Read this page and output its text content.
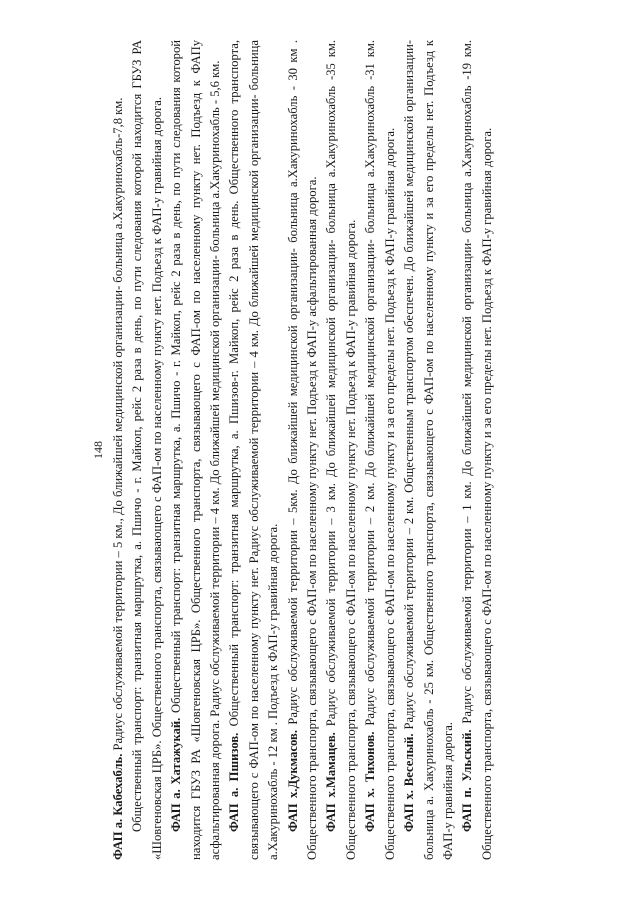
148

ФАП а. Кабехабль. Радиус обслуживаемой территории – 5 км., До ближайшей медицинской организации- больница а.Хакуринохабль-7,8 км. Общественный транспорт: транзитная маршрутка, а. Пшичо - г. Майкоп, рейс 2 раза в день, по пути следования которой находится ГБУЗ РА «Шовгеновская ЦРБ». Общественного транспорта, связывающего с ФАП-ом по населенному пункту нет. Подъезд к ФАП-у гравийная дорога. ФАП а. Хатажукай. Общественный транспорт: транзитная маршрутка, а. Пшичо - г. Майкоп, рейс 2 раза в день, по пути следования которой находится ГБУЗ РА «Шовгеновская ЦРБ». Общественного транспорта, связывающего с ФАП-ом по населенному пункту нет. Подъезд к ФАПу асфальтированная дорога. Радиус обслуживаемой территории – 4 км. До ближайшей медицинской организации- больница а.Хакуринохабль - 5,6 км. ФАП а. Пшизов. Общественный транспорт: транзитная маршрутка, а. Пшизов-г. Майкоп, рейс 2 раза в день. Общественного транспорта, связывающего с ФАП-ом по населенному пункту нет. Радиус обслуживаемой территории – 4 км. До ближайшей медицинской организации- больница а.Хакуринохабль - 12 км . Подъезд к ФАП-у гравийная дорога. ФАП х.Дукмасов. Радиус обслуживаемой территории – 5км. До ближайшей медицинской организации- больница а.Хакуринохабль - 30 км . Общественного транспорта, связывающего с ФАП-ом по населенному пункту нет. Подъезд к ФАП-у асфальтированная дорога. ФАП х.Мамацев. Радиус обслуживаемой территории – 3 км. До ближайшей медицинской организации- больница а.Хакуринохабль -35 км. Общественного транспорта, связывающего с ФАП-ом по населенному пункту нет. Подъезд к ФАП-у гравийная дорога. ФАП х. Тихонов. Радиус обслуживаемой территории – 2 км. До ближайшей медицинской организации- больница а.Хакуринохабль -31 км. Общественного транспорта, связывающего с ФАП-ом по населенному пункту и за его пределы нет. Подъезд к ФАП-у гравийная дорога. ФАП х. Веселый. Радиус обслуживаемой территории – 2 км. Общественным транспортом обеспечен. До ближайшей медицинской организации- больница а. Хакуринохабль - 25 км. Общественного транспорта, связывающего с ФАП-ом по населенному пункту и за его пределы нет. Подъезд к ФАП-у гравийная дорога. ФАП п. Ульский. Радиус обслуживаемой территории – 1 км. До ближайшей медицинской организации- больница а.Хакуринохабль -19 км. Общественного транспорта, связывающего с ФАП-ом по населенному пункту и за его пределы нет. Подъезд к ФАП-у гравийная дорога.
